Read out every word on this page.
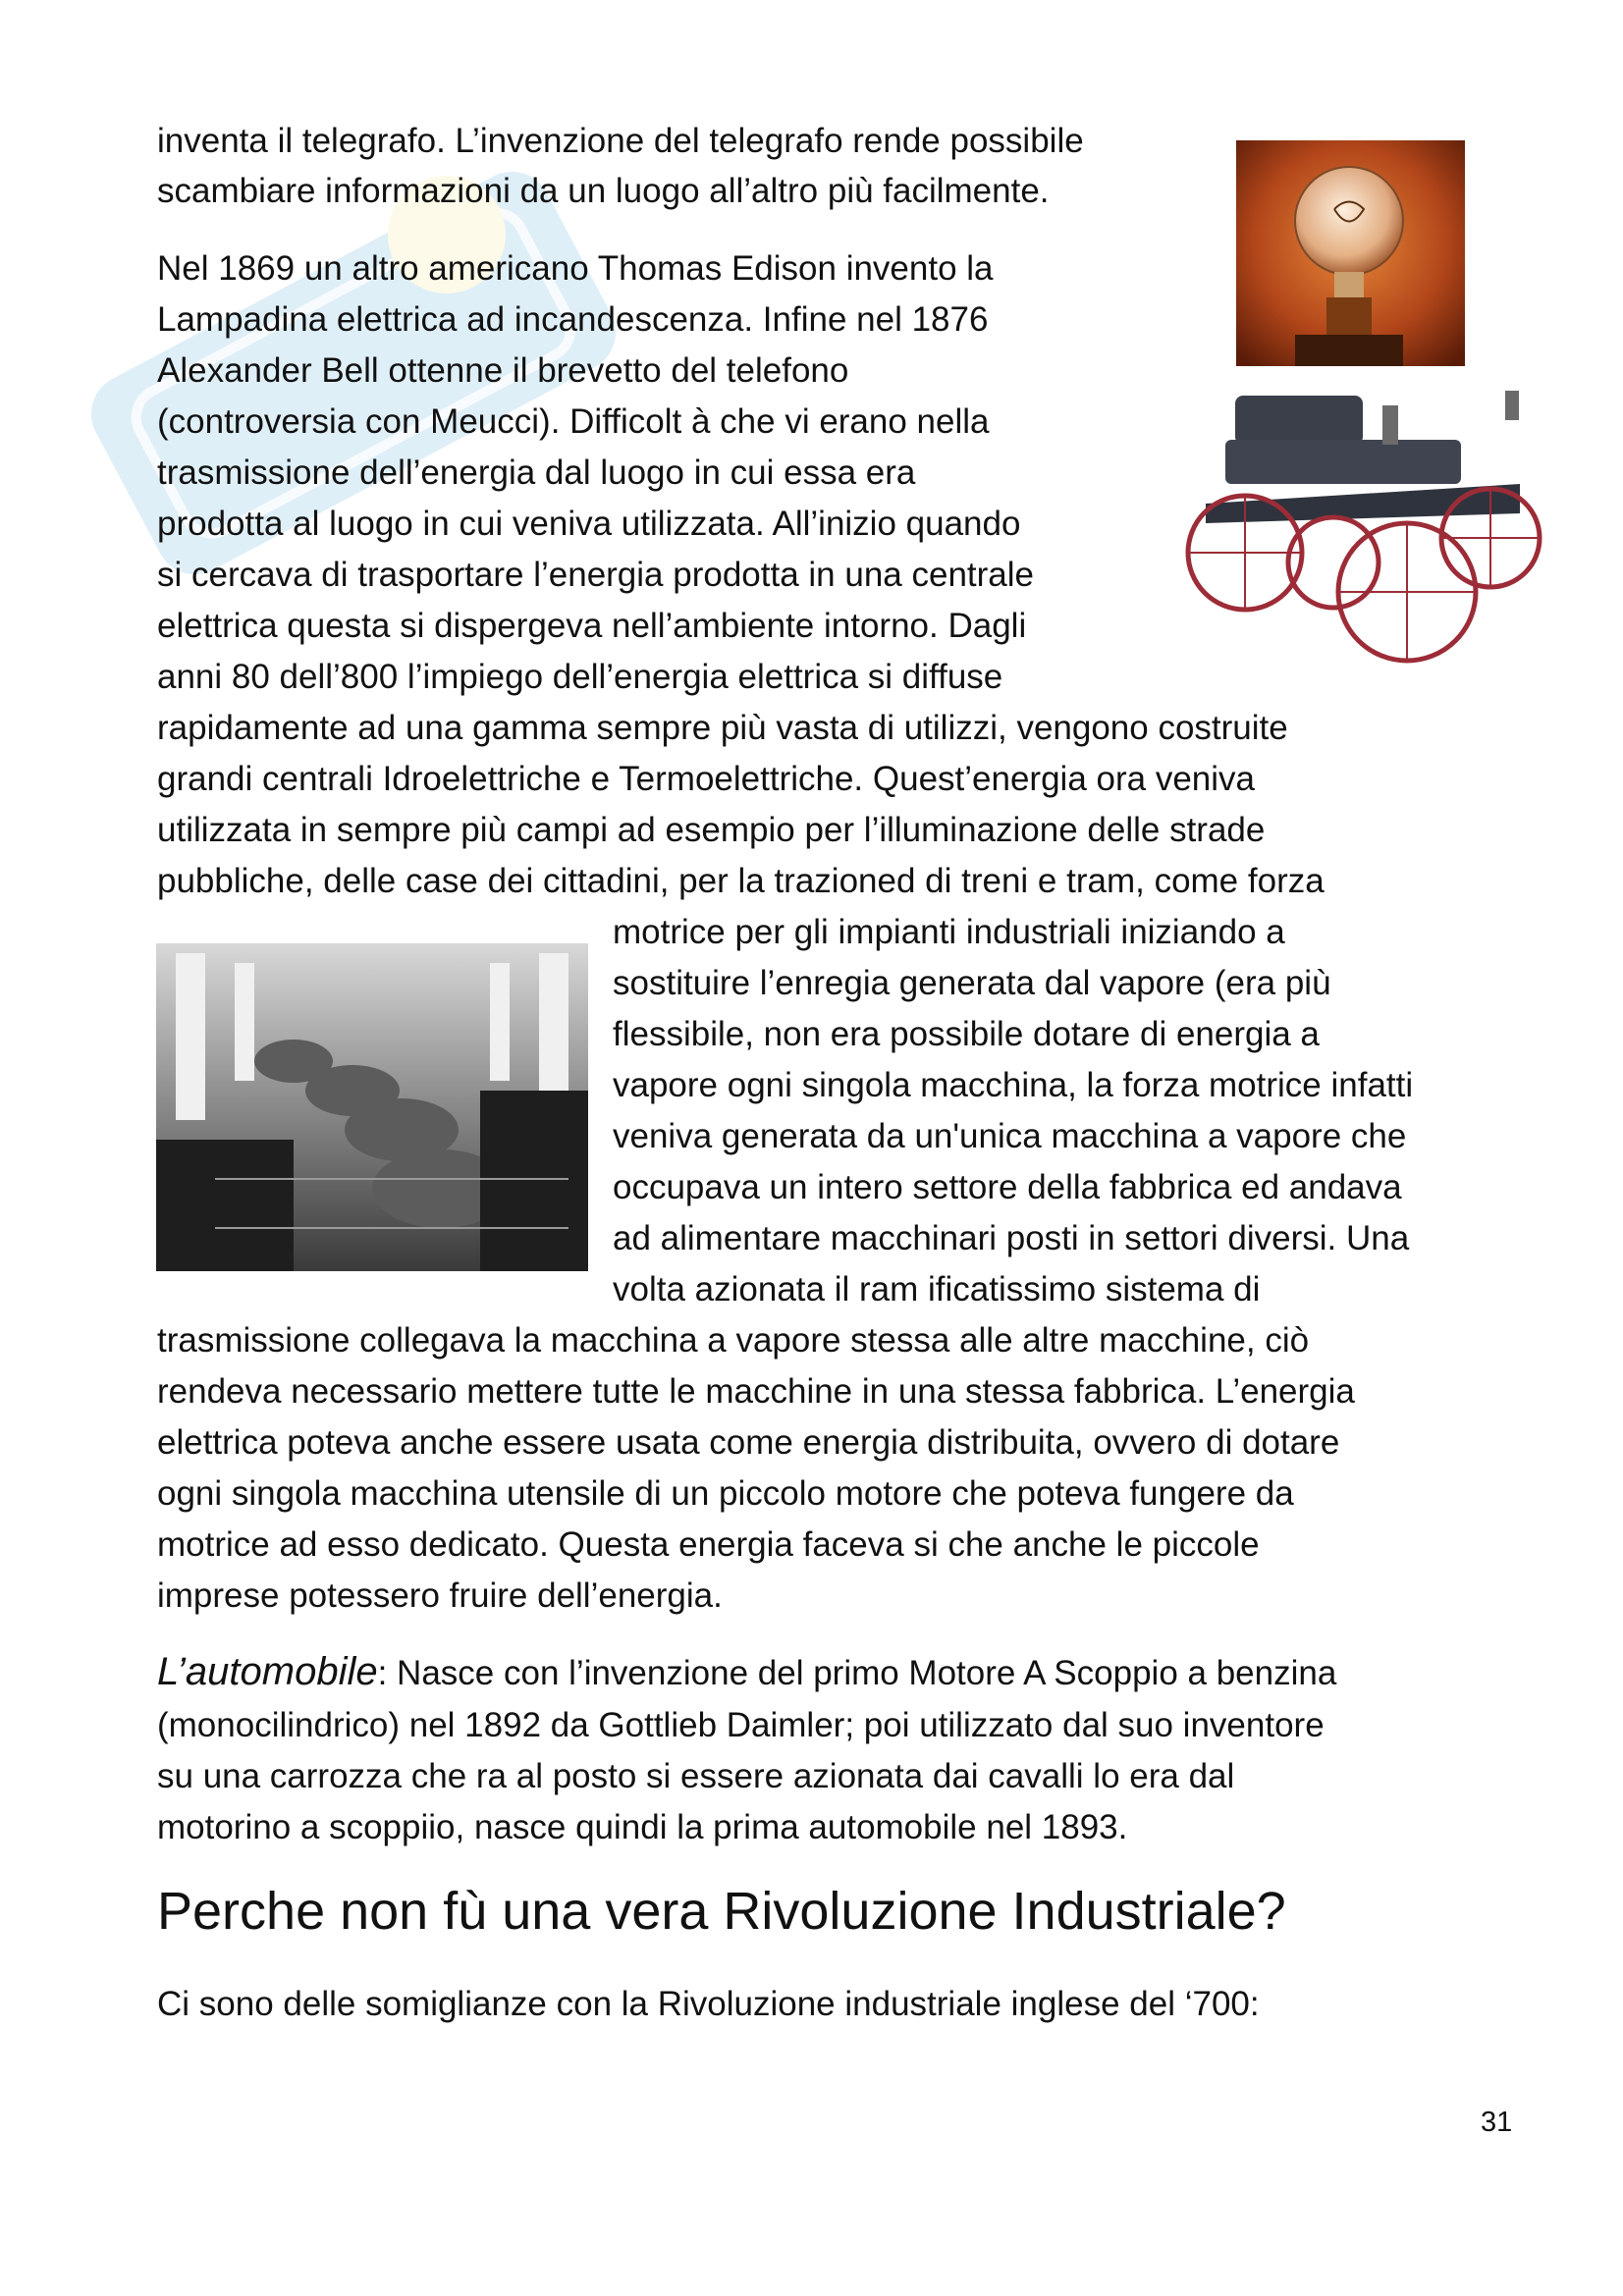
inventa il telegrafo. L’invenzione del telegrafo rende possibile
scambiare informazioni da un luogo all’altro più facilmente.
Nel 1869 un altro americano Thomas Edison invento la
Lampadina elettrica ad incandescenza. Infine nel 1876
Alexander Bell ottenne il brevetto del telefono
(controversia con Meucci). Difficolt à che vi erano nella
trasmissione dell’energia dal luogo in cui essa era
prodotta al luogo in cui veniva utilizzata. All’inizio quando
si cercava di trasportare l’energia prodotta in una centrale
elettrica questa si dispergeva nell’ambiente intorno. Dagli
anni 80 dell’800 l’impiego dell’energia elettrica si diffuse
rapidamente ad una gamma sempre più vasta di utilizzi, vengono costruite
grandi centrali Idroelettriche e Termoelettriche. Quest’energia ora veniva
utilizzata in sempre più campi ad esempio per l’illuminazione delle strade
pubbliche, delle case dei cittadini, per la trazioned di treni e tram, come forza
motrice per gli impianti industriali iniziando a
sostituire l’enregia generata dal vapore (era più
flessibile, non era possibile dotare di energia a
vapore ogni singola macchina, la forza motrice infatti
veniva generata da un'unica macchina a vapore che
occupava un intero settore della fabbrica ed andava
ad alimentare macchinari posti in settori diversi. Una
volta azionata il ram ificatissimo sistema di
trasmissione collegava la macchina a vapore stessa alle altre macchine, ciò
rendeva necessario mettere tutte le macchine in una stessa fabbrica. L’energia
elettrica poteva anche essere usata come energia distribuita, ovvero di dotare
ogni singola macchina utensile di un piccolo motore che poteva fungere da
motrice ad esso dedicato. Questa energia faceva si che anche le piccole
imprese potessero fruire dell’energia.
L’automobile: Nasce con l’invenzione del primo Motore A Scoppio a benzina
(monocilindrico) nel 1892 da Gottlieb Daimler; poi utilizzato dal suo inventore
su una carrozza che ra al posto si essere azionata dai cavalli lo era dal
motorino a scoppiio, nasce quindi la prima automobile nel 1893.
Perche non fù una vera Rivoluzione Industriale?
Ci sono delle somiglianze con la Rivoluzione industriale inglese del ‘700:
31
